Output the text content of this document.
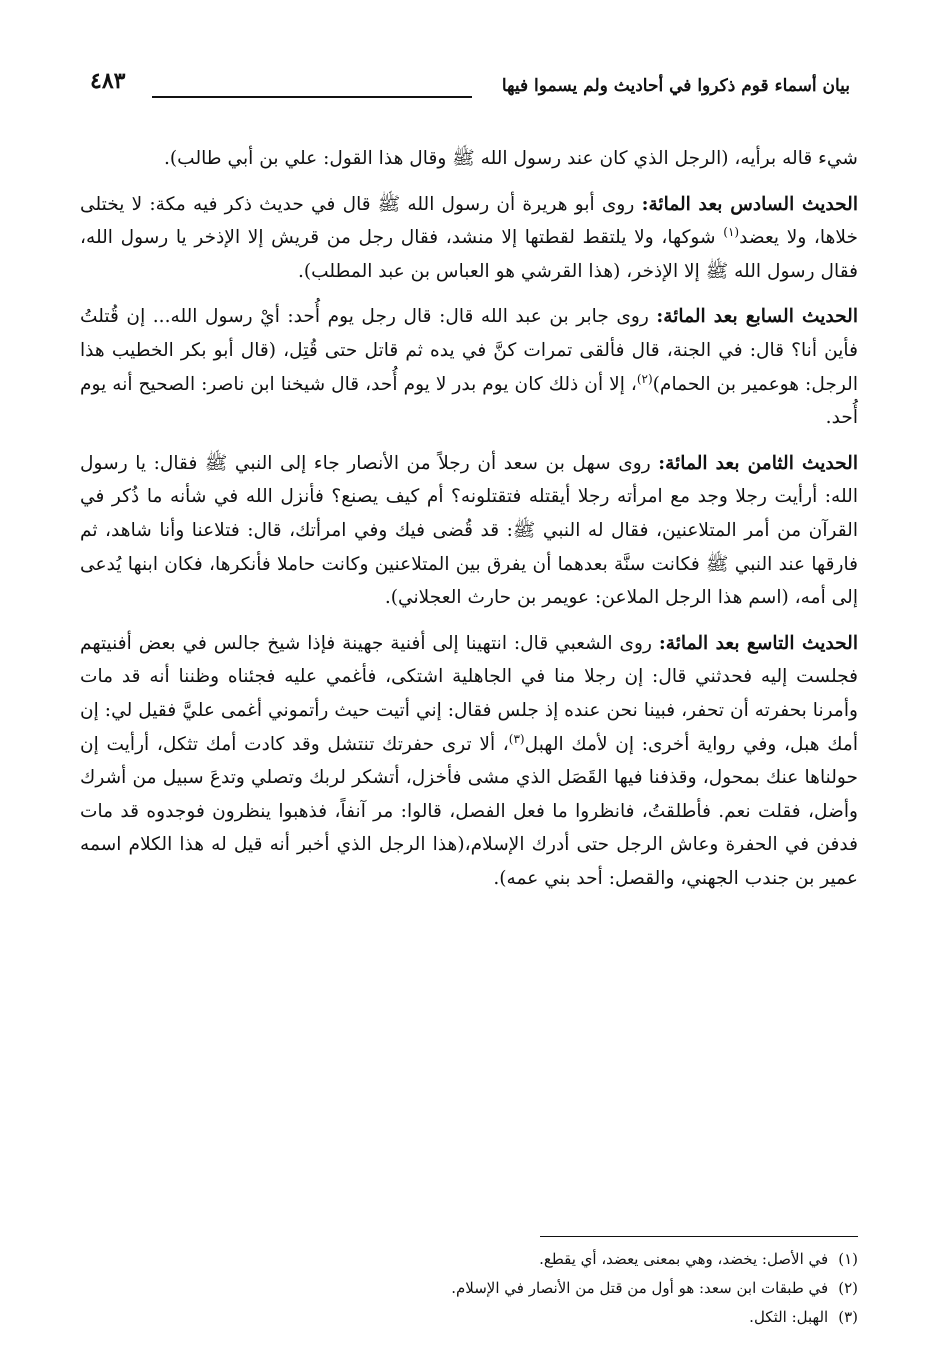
بيان أسماء قوم ذكروا في أحاديث ولم يسموا فيها
٤٨٣

شيء قاله برأيه، (الرجل الذي كان عند رسول الله ﷺ وقال هذا القول: علي بن أبي طالب).

الحديث السادس بعد المائة: روى أبو هريرة أن رسول الله ﷺ قال في حديث ذكر فيه مكة: لا يختلى خلاها، ولا يعضد$^{(١)}$ شوكها، ولا يلتقط لقطتها إلا منشد، فقال رجل من قريش إلا الإذخر يا رسول الله، فقال رسول الله ﷺ إلا الإذخر، (هذا القرشي هو العباس بن عبد المطلب).

الحديث السابع بعد المائة: روى جابر بن عبد الله قال: قال رجل يوم أُحد: أيْ رسول الله... إن قُتلتُ فأين أنا؟ قال: في الجنة، قال فألقى تمرات كنَّ في يده ثم قاتل حتى قُتِل، (قال أبو بكر الخطيب هذا الرجل: هوعمير بن الحمام)$^{(٢)}$، إلا أن ذلك كان يوم بدر لا يوم أُحد، قال شيخنا ابن ناصر: الصحيح أنه يوم أُحد.

الحديث الثامن بعد المائة: روى سهل بن سعد أن رجلاً من الأنصار جاء إلى النبي ﷺ فقال: يا رسول الله: أرأيت رجلا وجد مع امرأته رجلا أيقتله فتقتلونه؟ أم كيف يصنع؟ فأنزل الله في شأنه ما ذُكر في القرآن من أمر المتلاعنين، فقال له النبي ﷺ: قد قُضى فيك وفي امرأتك، قال: فتلاعنا وأنا شاهد، ثم فارقها عند النبي ﷺ فكانت سنَّة بعدهما أن يفرق بين المتلاعنين وكانت حاملا فأنكرها، فكان ابنها يُدعى إلى أمه، (اسم هذا الرجل الملاعن: عويمر بن حارث العجلاني).

الحديث التاسع بعد المائة: روى الشعبي قال: انتهينا إلى أفنية جهينة فإذا شيخ جالس في بعض أفنيتهم فجلست إليه فحدثني قال: إن رجلا منا في الجاهلية اشتكى، فأغمي عليه فجئناه وظننا أنه قد مات وأمرنا بحفرته أن تحفر، فبينا نحن عنده إذ جلس فقال: إني أتيت حيث رأتموني أغمى عليَّ فقيل لي: إن أمك هبل، وفي رواية أخرى: إن لأمك الهبل$^{(٣)}$، ألا ترى حفرتك تنتشل وقد كادت أمك تثكل، أرأيت إن حولناها عنك بمحول، وقذفنا فيها القَصَل الذي مشى فأخزل، أتشكر لربك وتصلي وتدعَ سبيل من أشرك وأضل، فقلت نعم. فأطلقتُ، فانظروا ما فعل الفصل، قالوا: مر آنفاً، فذهبوا ينظرون فوجدوه قد مات فدفن في الحفرة وعاش الرجل حتى أدرك الإسلام،(هذا الرجل الذي أخبر أنه قيل له هذا الكلام اسمه عمير بن جندب الجهني، والقصل: أحد بني عمه).

(١)في الأصل: يخضد، وهي بمعنى يعضد، أي يقطع.
(٢)في طبقات ابن سعد: هو أول من قتل من الأنصار في الإسلام.
(٣)الهبل: الثكل.
